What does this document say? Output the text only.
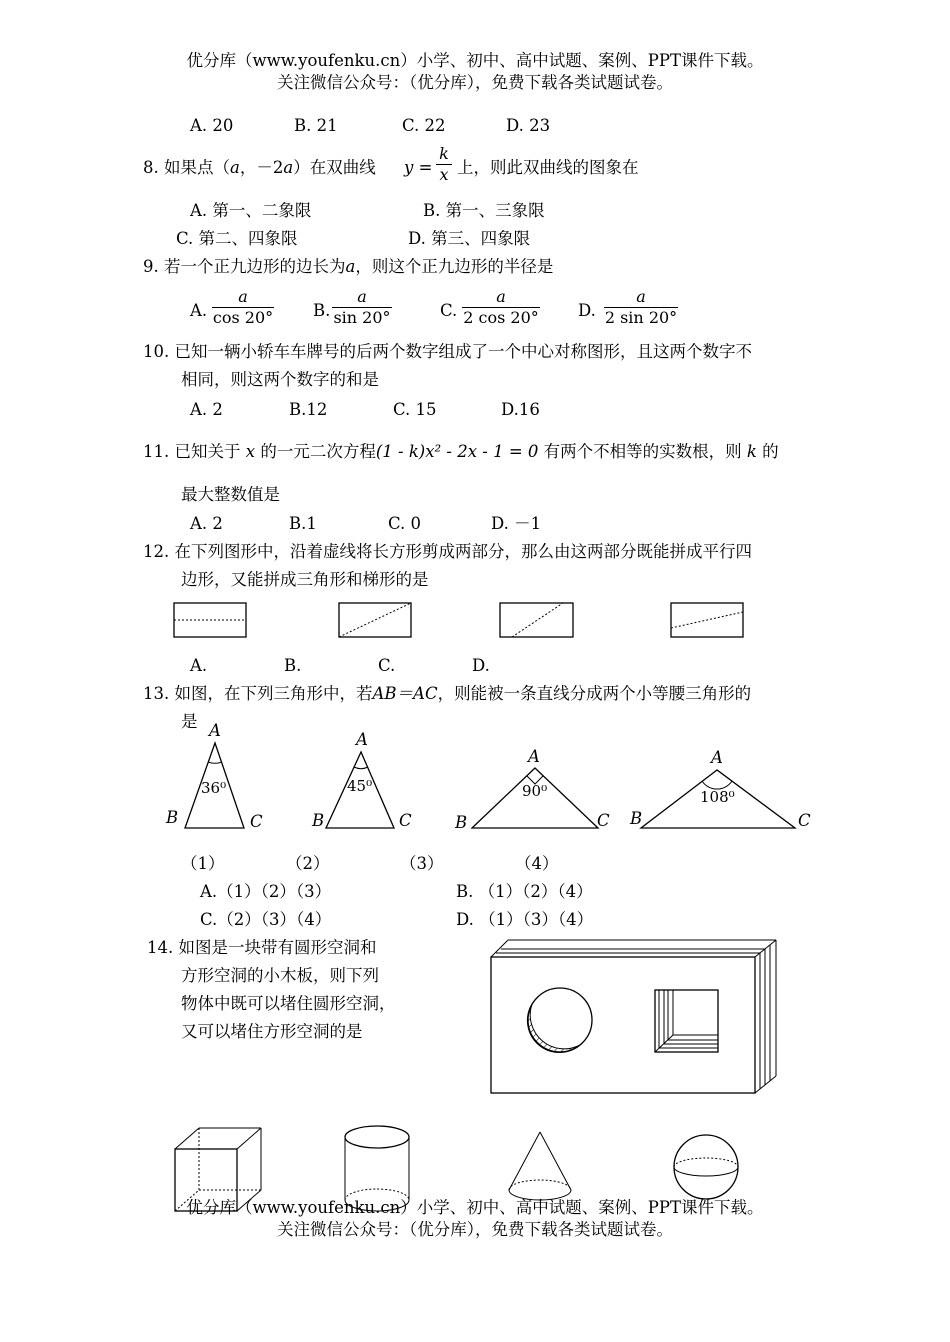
优分库（www.youfenku.cn）小学、初中、高中试题、案例、PPT课件下载。
关注微信公众号：（优分库），免费下载各类试题试卷。
A. 20	B. 21	C. 22	D. 23
8. 如果点（a，－2a）在双曲线 y =
k
x 上，则此双曲线的图象在
A. 第一、二象限	B. 第一、三象限
C. 第二、四象限	D. 第三、四象限
9. 若一个正九边形的边长为a，则这个正九边形的半径是
A.
a
cos 20° B.
a
sin 20°	C.
a
2 cos 20° D.
a
2 sin 20°
10. 已知一辆小轿车车牌号的后两个数字组成了一个中心对称图形，且这两个数字不
相同，则这两个数字的和是
A. 2	B.12	C. 15	D.16
11. 已知关于 x 的一元二次方程(1 - k)x² - 2x - 1 = 0 有两个不相等的实数根，则 k 的
最大整数值是
A. 2	B.1	C. 0	D. －1
12. 在下列图形中，沿着虚线将长方形剪成两部分，那么由这两部分既能拼成平行四
边形，又能拼成三角形和梯形的是
A.	B.	C.	D.
13. 如图，在下列三角形中，若AB＝AC，则能被一条直线分成两个小等腰三角形的
是 A
B	C
36⁰
（1）
A
B	C
45⁰
（2）
A
B	C
90⁰
（3）
A
B	C
108⁰
（4）
A.（1）（2）（3）	B. （1）（2）（4）
C.（2）（3）（4）	D. （1）（3）（4）
14. 如图是一块带有圆形空洞和
方形空洞的小木板，则下列
物体中既可以堵住圆形空洞，
又可以堵住方形空洞的是
优分库（www.youfenku.cn）小学、初中、高中试题、案例、PPT课件下载。
关注微信公众号：（优分库），免费下载各类试题试卷。
